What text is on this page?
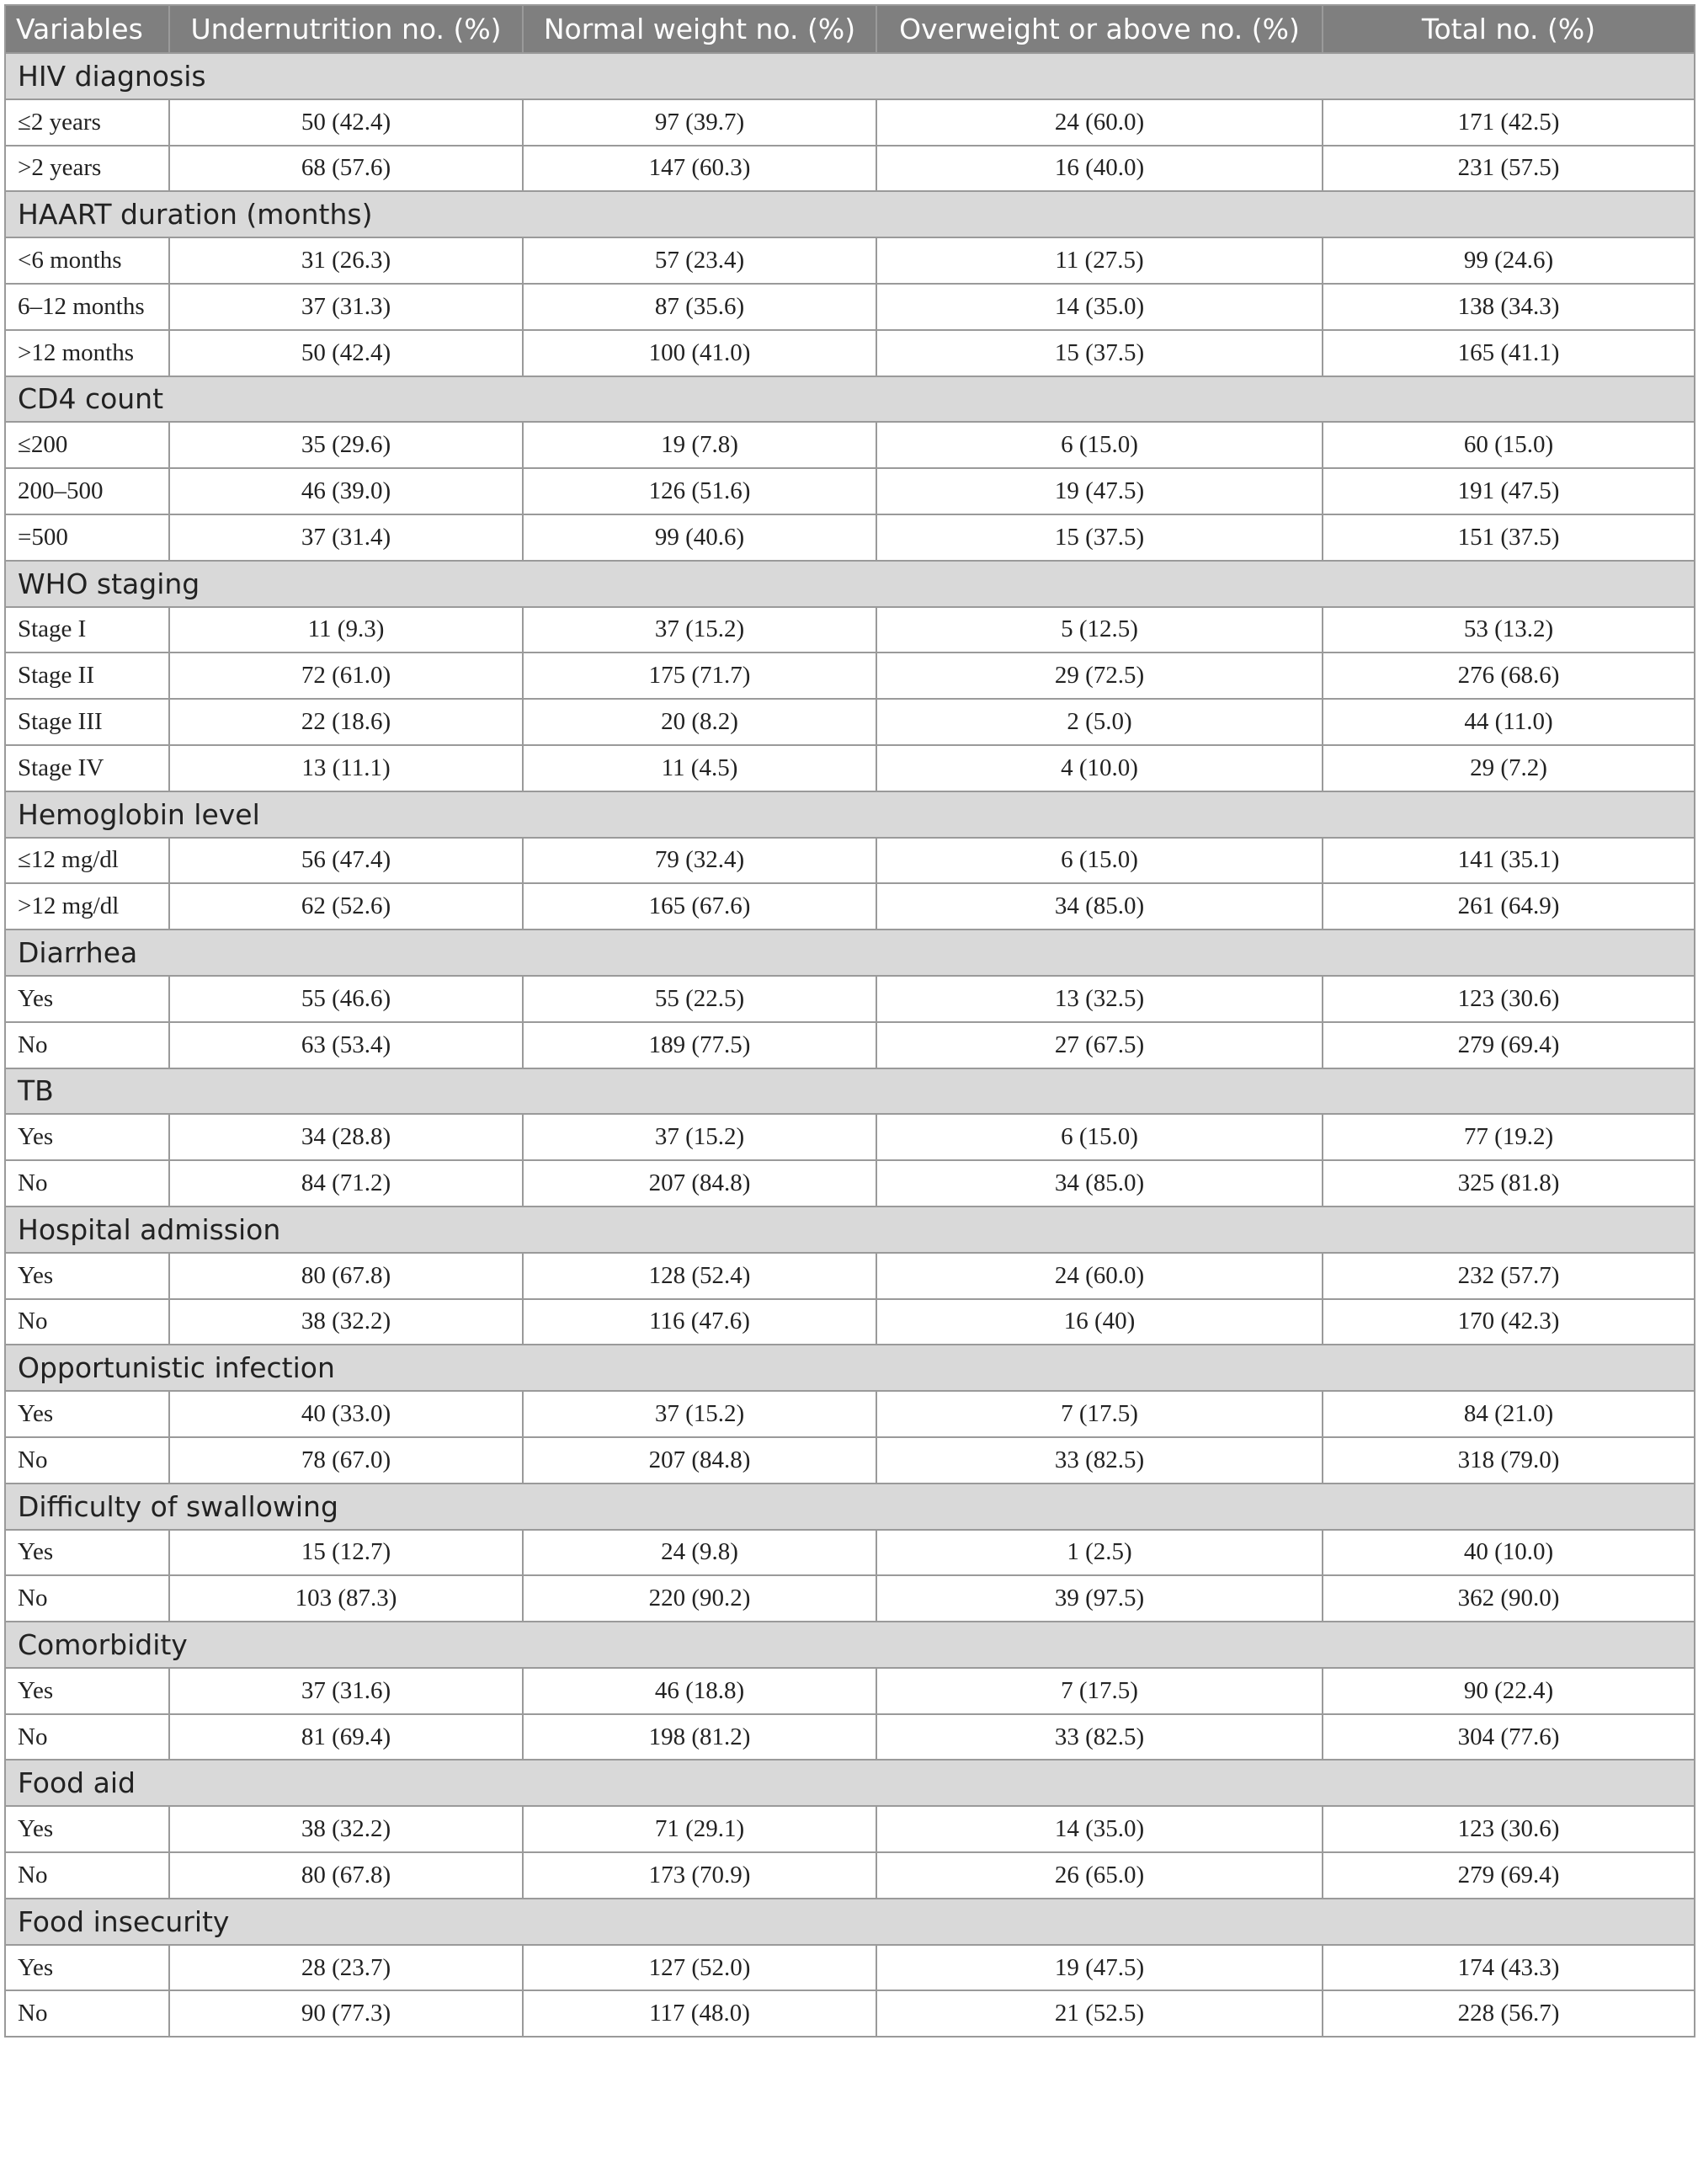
Variables	Undernutrition no. (%)	Normal weight no. (%)	Overweight or above no. (%)	Total no. (%)
HIV diagnosis				
≤2 years	50 (42.4)	97 (39.7)	24 (60.0)	171 (42.5)
>2 years	68 (57.6)	147 (60.3)	16 (40.0)	231 (57.5)
HAART duration (months)				
<6 months	31 (26.3)	57 (23.4)	11 (27.5)	99 (24.6)
6–12 months	37 (31.3)	87 (35.6)	14 (35.0)	138 (34.3)
>12 months	50 (42.4)	100 (41.0)	15 (37.5)	165 (41.1)
CD4 count				
≤200	35 (29.6)	19 (7.8)	6 (15.0)	60 (15.0)
200–500	46 (39.0)	126 (51.6)	19 (47.5)	191 (47.5)
=500	37 (31.4)	99 (40.6)	15 (37.5)	151 (37.5)
WHO staging				
Stage I	11 (9.3)	37 (15.2)	5 (12.5)	53 (13.2)
Stage II	72 (61.0)	175 (71.7)	29 (72.5)	276 (68.6)
Stage III	22 (18.6)	20 (8.2)	2 (5.0)	44 (11.0)
Stage IV	13 (11.1)	11 (4.5)	4 (10.0)	29 (7.2)
Hemoglobin level				
≤12 mg/dl	56 (47.4)	79 (32.4)	6 (15.0)	141 (35.1)
>12 mg/dl	62 (52.6)	165 (67.6)	34 (85.0)	261 (64.9)
Diarrhea				
Yes	55 (46.6)	55 (22.5)	13 (32.5)	123 (30.6)
No	63 (53.4)	189 (77.5)	27 (67.5)	279 (69.4)
TB				
Yes	34 (28.8)	37 (15.2)	6 (15.0)	77 (19.2)
No	84 (71.2)	207 (84.8)	34 (85.0)	325 (81.8)
Hospital admission				
Yes	80 (67.8)	128 (52.4)	24 (60.0)	232 (57.7)
No	38 (32.2)	116 (47.6)	16 (40)	170 (42.3)
Opportunistic infection				
Yes	40 (33.0)	37 (15.2)	7 (17.5)	84 (21.0)
No	78 (67.0)	207 (84.8)	33 (82.5)	318 (79.0)
Difficulty of swallowing				
Yes	15 (12.7)	24 (9.8)	1 (2.5)	40 (10.0)
No	103 (87.3)	220 (90.2)	39 (97.5)	362 (90.0)
Comorbidity				
Yes	37 (31.6)	46 (18.8)	7 (17.5)	90 (22.4)
No	81 (69.4)	198 (81.2)	33 (82.5)	304 (77.6)
Food aid				
Yes	38 (32.2)	71 (29.1)	14 (35.0)	123 (30.6)
No	80 (67.8)	173 (70.9)	26 (65.0)	279 (69.4)
Food insecurity				
Yes	28 (23.7)	127 (52.0)	19 (47.5)	174 (43.3)
No	90 (77.3)	117 (48.0)	21 (52.5)	228 (56.7)
